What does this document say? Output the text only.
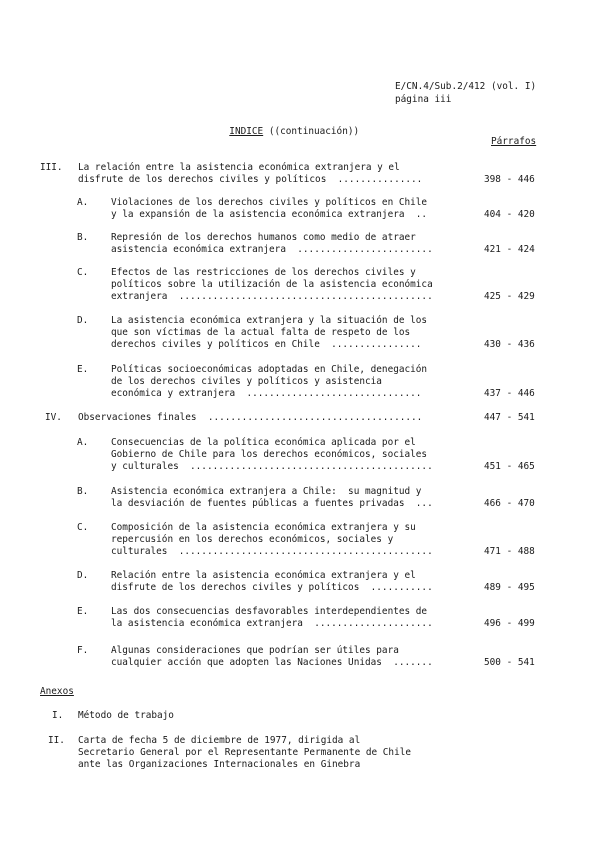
E/CN.4/Sub.2/412 (vol. I)
página iii

INDICE ((continuación))

Párrafos
III. La relación entre la asistencia económica extranjera y el
disfrute de los derechos civiles y políticos  ...............	398 - 446
A. Violaciones de los derechos civiles y políticos en Chile
y la expansión de la asistencia económica extranjera  ..	404 - 420
B. Represión de los derechos humanos como medio de atraer
asistencia económica extranjera  ........................	421 - 424
C. Efectos de las restricciones de los derechos civiles y
políticos sobre la utilización de la asistencia económica
extranjera  .............................................	425 - 429
D. La asistencia económica extranjera y la situación de los
que son víctimas de la actual falta de respeto de los
derechos civiles y políticos en Chile  ................	430 - 436
E. Políticas socioeconómicas adoptadas en Chile, denegación
de los derechos civiles y políticos y asistencia
económica y extranjera  ...............................	437 - 446
IV. Observaciones finales  ......................................	447 - 541
A. Consecuencias de la política económica aplicada por el
Gobierno de Chile para los derechos económicos, sociales
y culturales  ...........................................	451 - 465
B. Asistencia económica extranjera a Chile:  su magnitud y
la desviación de fuentes públicas a fuentes privadas  ...	466 - 470
C. Composición de la asistencia económica extranjera y su
repercusión en los derechos económicos, sociales y
culturales  .............................................	471 - 488
D. Relación entre la asistencia económica extranjera y el
disfrute de los derechos civiles y políticos  ...........	489 - 495
E. Las dos consecuencias desfavorables interdependientes de
la asistencia económica extranjera  .....................	496 - 499
F. Algunas consideraciones que podrían ser útiles para
cualquier acción que adopten las Naciones Unidas  .......	500 - 541
Anexos
I. Método de trabajo
II. Carta de fecha 5 de diciembre de 1977, dirigida al
Secretario General por el Representante Permanente de Chile
ante las Organizaciones Internacionales en Ginebra
